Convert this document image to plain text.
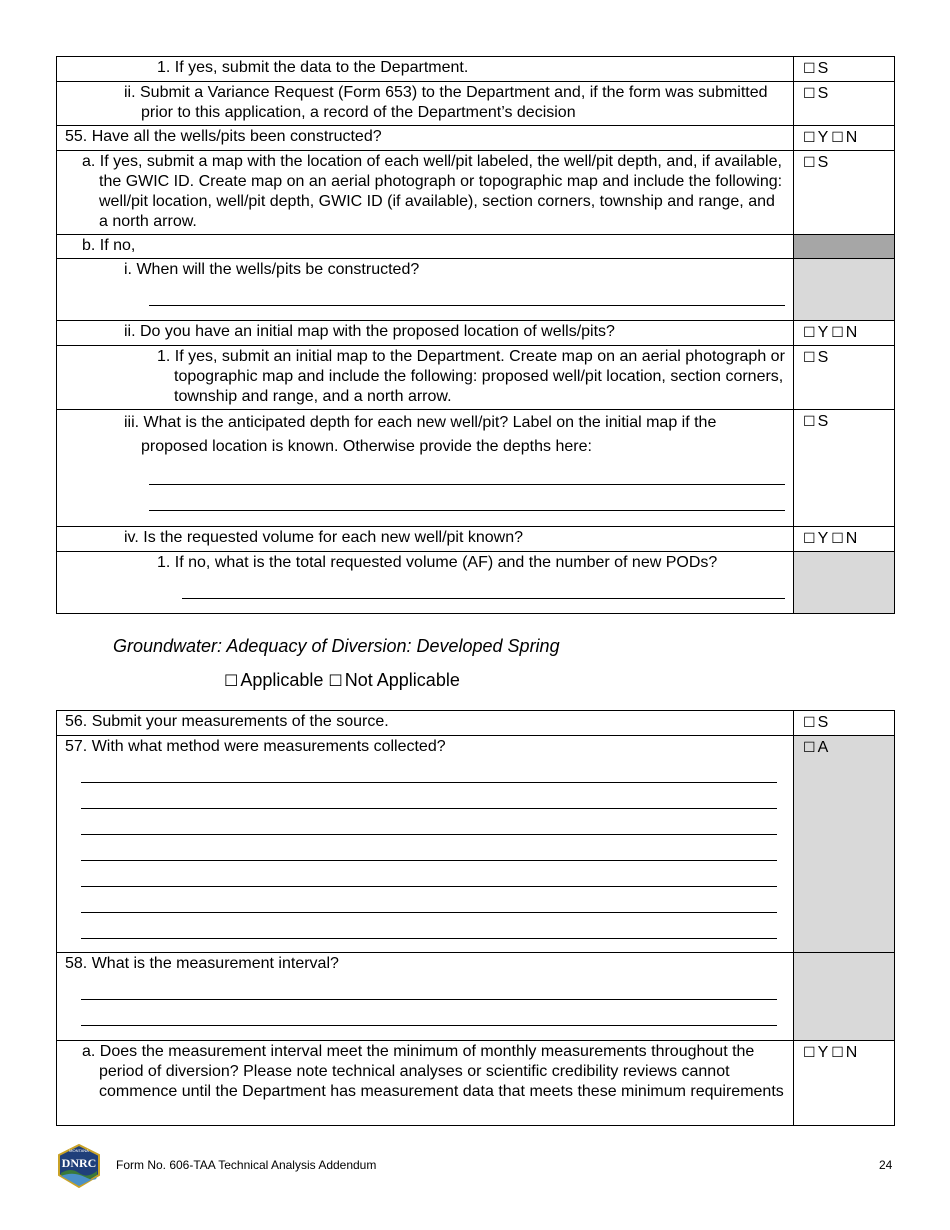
1. If yes, submit the data to the Department.	☐ S

ii. Submit a Variance Request (Form 653) to the Department and, if the form was submitted prior to this application, a record of the Department’s decision	☐ S
55. Have all the wells/pits been constructed?	☐ Y ☐ N

a. If yes, submit a map with the location of each well/pit labeled, the well/pit depth, and, if available, the GWIC ID. Create map on an aerial photograph or topographic map and include the following: well/pit location, well/pit depth, GWIC ID (if available), section corners, township and range, and a north arrow.	☐ S

b. If no,	

i. When will the wells/pits be constructed?	

ii. Do you have an initial map with the proposed location of wells/pits?	☐ Y ☐ N

1. If yes, submit an initial map to the Department. Create map on an aerial photograph or topographic map and include the following: proposed well/pit location, section corners, township and range, and a north arrow.	☐ S

iii. What is the anticipated depth for each new well/pit? Label on the initial map if the proposed location is known. Otherwise provide the depths here:	☐ S

iv. Is the requested volume for each new well/pit known?	☐ Y ☐ N

1. If no, what is the total requested volume (AF) and the number of new PODs?	

Groundwater: Adequacy of Diversion: Developed Spring
☐ Applicable ☐ Not Applicable
56. Submit your measurements of the source.	☐ S
57. With what method were measurements collected?	☐ A
58. What is the measurement interval?

a. Does the measurement interval meet the minimum of monthly measurements throughout the period of diversion? Please note technical analyses or scientific credibility reviews cannot commence until the Department has measurement data that meets these minimum requirements	☐ Y ☐ N
MONTANA
DNRC Form No. 606-TAA Technical Analysis Addendum	24
